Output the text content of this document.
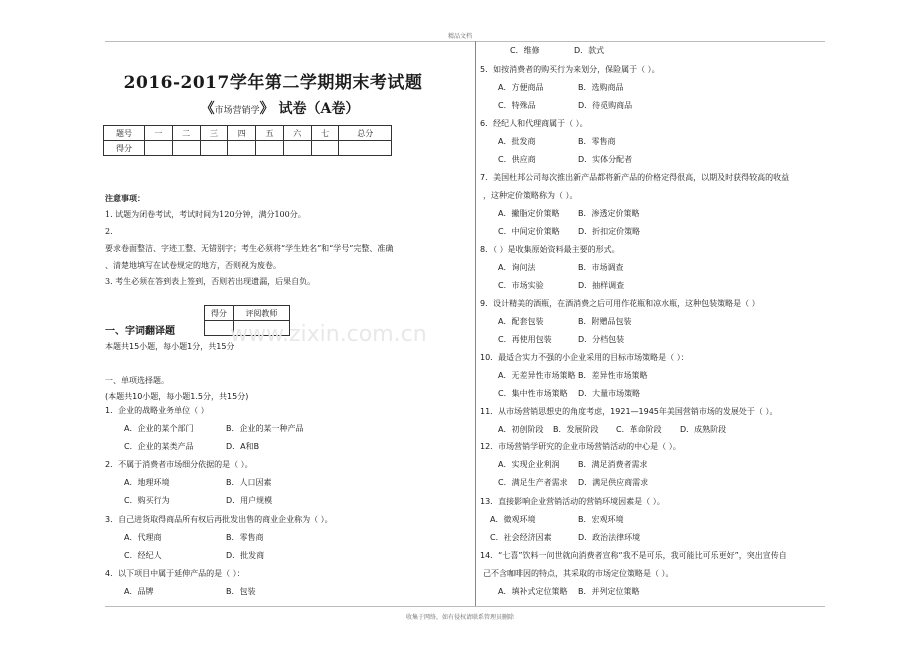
精品文档
2016-2017学年第二学期期末考试题
《市场营销学》 试卷（A卷）
题号	一	二	三	四	五	六	七	总分
得分								
注意事项：
1. 试题为闭卷考试，考试时间为120分钟，满分100分。
2.
要求卷面整洁、字迹工整、无错别字；考生必须将“学生姓名”和“学号”完整、准确
、清楚地填写在试卷规定的地方，否则视为废卷。
3. 考生必须在答到表上签到，否则若出现遗漏，后果自负。
得分	评阅教师

www.zixin.com.cn
一、字词翻译题
本题共15小题，每小题1分，共15分
一、单项选择题。
(本题共10小题，每小题1.5分，共15分)
1．企业的战略业务单位（ ）
A．企业的某个部门	B．企业的某一种产品
C．企业的某类产品	D．A和B
2．不属于消费者市场细分依据的是（ ）。
A．地理环境	B．人口因素
C．购买行为	D．用户规模
3．自己进货取得商品所有权后再批发出售的商业企业称为（ ）。
A．代理商	B．零售商
C．经纪人	D．批发商
4．以下项目中属于延伸产品的是（ ）：
A．品牌	B．包装
C．维修	D．款式
5．如按消费者的购买行为来划分，保险属于（ ）。
A．方便商品	B．选购商品
C．特殊品	D．待觅购商品
6．经纪人和代理商属于（ ）。
A．批发商	B．零售商
C．供应商	D．实体分配者
7．美国杜邦公司每次推出新产品都将新产品的价格定得很高，以期及时获得较高的收益
，这种定价策略称为（ ）。
A．撇脂定价策略 B．渗透定价策略
C．中间定价策略 D．折扣定价策略
8．（ ）是收集原始资料最主要的形式。
A．询问法	B．市场调查
C．市场实验	D．抽样调查
9．设计精美的酒瓶，在酒消费之后可用作花瓶和凉水瓶，这种包装策略是（ ）
A．配套包装	B．附赠品包装
C．再使用包装	D．分档包装
10．最适合实力不强的小企业采用的目标市场策略是（ ）：
A．无差异性市场策略 B．差异性市场策略
C．集中性市场策略 D．大量市场策略
11．从市场营销思想史的角度考虑，1921—1945年美国营销市场的发展处于（ ）。
A．初创阶段 B．发展阶段 C．革命阶段 D．成熟阶段
12．市场营销学研究的企业市场营销活动的中心是（ ）。
A．实现企业利润 B．满足消费者需求
C．满足生产者需求 D．满足供应商需求
13．直接影响企业营销活动的营销环境因素是（ ）。
A．微观环境	B．宏观环境
C．社会经济因素	D．政治法律环境
14．“七喜”饮料一问世就向消费者宣称“我不是可乐，我可能比可乐更好”，突出宣传自
己不含咖啡因的特点，其采取的市场定位策略是（ ）。
A．填补式定位策略 B．并列定位策略
收集于网络，如有侵权请联系管理员删除
